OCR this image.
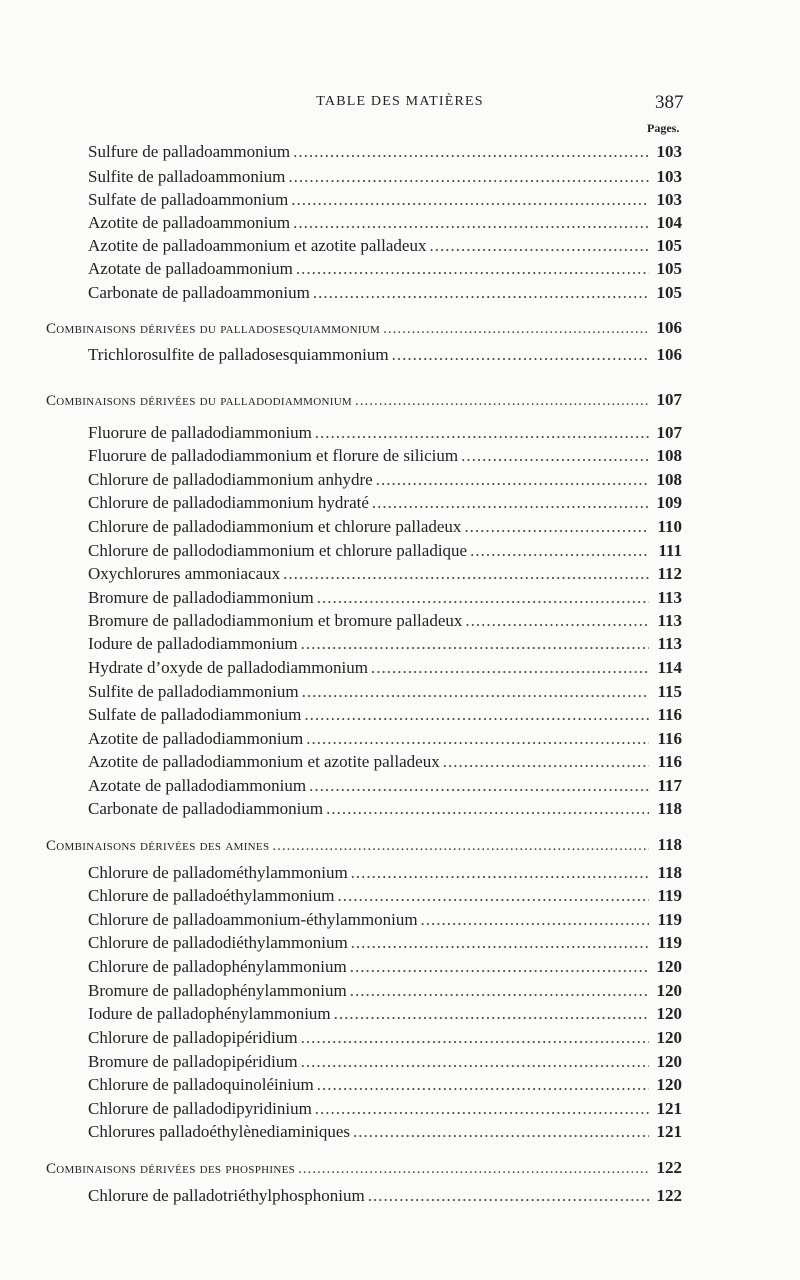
TABLE DES MATIÈRES	387
Pages.
Sulfure de palladoammonium .....	103
Sulfite de palladoammonium .....	103
Sulfate de palladoammonium .....	103
Azotite de palladoammonium .....	104
Azotite de palladoammonium et azotite palladeux .....	105
Azotate de palladoammonium .....	105
Carbonate de palladoammonium .....	105
Combinaisons dérivées du palladosesquiammonium .....	106
Trichlorosulfite de palladosesquiammonium .....	106
Combinaisons dérivées du palladodiammonium .....	107
Fluorure de palladodiammonium .....	107
Fluorure de palladodiammonium et florure de silicium .....	108
Chlorure de palladodiammonium anhydre .....	108
Chlorure de palladodiammonium hydraté .....	109
Chlorure de palladodiammonium et chlorure palladeux .....	110
Chlorure de pallododiammonium et chlorure palladique .....	111
Oxychlorures ammoniacaux .....	112
Bromure de palladodiammonium .....	113
Bromure de palladodiammonium et bromure palladeux .....	113
Iodure de palladodiammonium .....	113
Hydrate d’oxyde de palladodiammonium .....	114
Sulfite de palladodiammonium .....	115
Sulfate de palladodiammonium .....	116
Azotite de palladodiammonium .....	116
Azotite de palladodiammonium et azotite palladeux .....	116
Azotate de palladodiammonium .....	117
Carbonate de palladodiammonium .....	118
Combinaisons dérivées des amines .....	118
Chlorure de palladométhylammonium .....	118
Chlorure de palladoéthylammonium .....	119
Chlorure de palladoammonium-éthylammonium .....	119
Chlorure de palladodiéthylammonium .....	119
Chlorure de palladophénylammonium .....	120
Bromure de palladophénylammonium .....	120
Iodure de palladophénylammonium .....	120
Chlorure de palladopipéridium .....	120
Bromure de palladopipéridium .....	120
Chlorure de palladoquinoléinium .....	120
Chlorure de palladodipyridinium .....	121
Chlorures palladoéthylènediaminiques .....	121
Combinaisons dérivées des phosphines .....	122
Chlorure de palladotriéthylphosphonium .....	122
